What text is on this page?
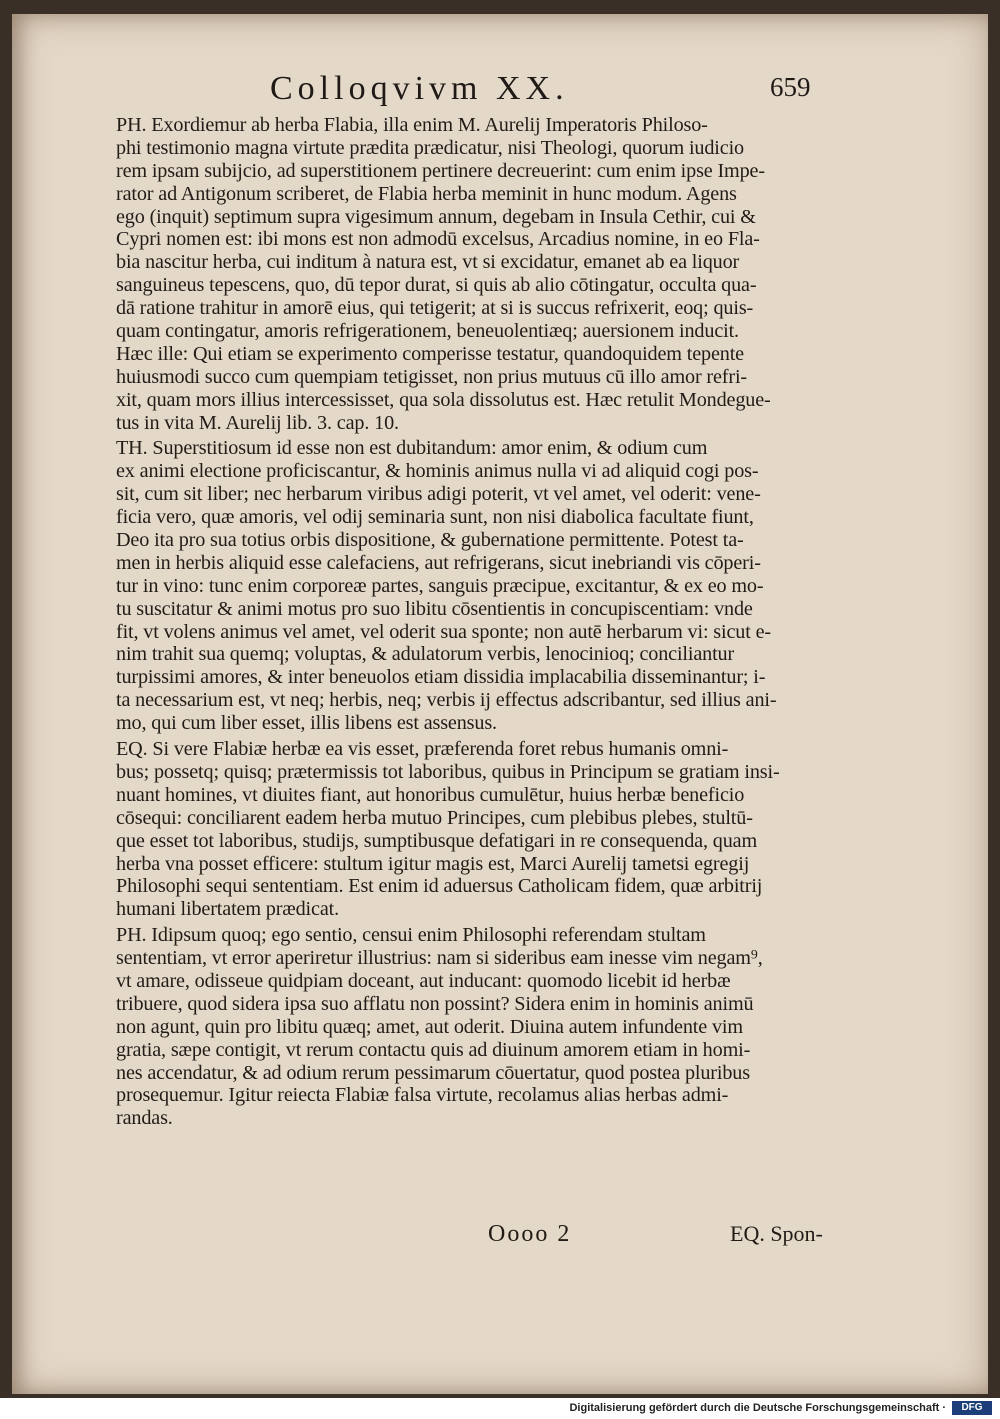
Colloqvivm XX.	659
PH. Exordiemur ab herba Flabia, illa enim M. Aurelij Imperatoris Philoso-
phi testimonio magna virtute prædita prædicatur, nisi Theologi, quorum iudicio
rem ipsam subijcio, ad superstitionem pertinere decreuerint: cum enim ipse Impe-
rator ad Antigonum scriberet, de Flabia herba meminit in hunc modum. Agens
ego (inquit) septimum supra vigesimum annum, degebam in Insula Cethir, cui &
Cypri nomen est: ibi mons est non admodū excelsus, Arcadius nomine, in eo Fla-
bia nascitur herba, cui inditum à natura est, vt si excidatur, emanet ab ea liquor
sanguineus tepescens, quo, dū tepor durat, si quis ab alio cōtingatur, occulta qua-
dā ratione trahitur in amorē eius, qui tetigerit; at si is succus refrixerit, eoq; quis-
quam contingatur, amoris refrigerationem, beneuolentiæq; auersionem inducit.
Hæc ille: Qui etiam se experimento comperisse testatur, quandoquidem tepente
huiusmodi succo cum quempiam tetigisset, non prius mutuus cū illo amor refri-
xit, quam mors illius intercessisset, qua sola dissolutus est. Hæc retulit Mondegue-
tus in vita M. Aurelij lib. 3. cap. 10.
TH. Superstitiosum id esse non est dubitandum: amor enim, & odium cum
ex animi electione proficiscantur, & hominis animus nulla vi ad aliquid cogi pos-
sit, cum sit liber; nec herbarum viribus adigi poterit, vt vel amet, vel oderit: vene-
ficia vero, quæ amoris, vel odij seminaria sunt, non nisi diabolica facultate fiunt,
Deo ita pro sua totius orbis dispositione, & gubernatione permittente. Potest ta-
men in herbis aliquid esse calefaciens, aut refrigerans, sicut inebriandi vis cōperi-
tur in vino: tunc enim corporeæ partes, sanguis præcipue, excitantur, & ex eo mo-
tu suscitatur & animi motus pro suo libitu cōsentientis in concupiscentiam: vnde
fit, vt volens animus vel amet, vel oderit sua sponte; non autē herbarum vi: sicut e-
nim trahit sua quemq; voluptas, & adulatorum verbis, lenocinioq; conciliantur
turpissimi amores, & inter beneuolos etiam dissidia implacabilia disseminantur; i-
ta necessarium est, vt neq; herbis, neq; verbis ij effectus adscribantur, sed illius ani-
mo, qui cum liber esset, illis libens est assensus.
EQ. Si vere Flabiæ herbæ ea vis esset, præferenda foret rebus humanis omni-
bus; possetq; quisq; prætermissis tot laboribus, quibus in Principum se gratiam insi-
nuant homines, vt diuites fiant, aut honoribus cumulētur, huius herbæ beneficio
cōsequi: conciliarent eadem herba mutuo Principes, cum plebibus plebes, stultū-
que esset tot laboribus, studijs, sumptibusque defatigari in re consequenda, quam
herba vna posset efficere: stultum igitur magis est, Marci Aurelij tametsi egregij
Philosophi sequi sententiam. Est enim id aduersus Catholicam fidem, quæ arbitrij
humani libertatem prædicat.
PH. Idipsum quoq; ego sentio, censui enim Philosophi referendam stultam
sententiam, vt error aperiretur illustrius: nam si sideribus eam inesse vim negam⁹,
vt amare, odisseue quidpiam doceant, aut inducant: quomodo licebit id herbæ
tribuere, quod sidera ipsa suo afflatu non possint? Sidera enim in hominis animū
non agunt, quin pro libitu quæq; amet, aut oderit. Diuina autem infundente vim
gratia, sæpe contigit, vt rerum contactu quis ad diuinum amorem etiam in homi-
nes accendatur, & ad odium rerum pessimarum cōuertatur, quod postea pluribus
prosequemur. Igitur reiecta Flabiæ falsa virtute, recolamus alias herbas admi-
randas.
Oooo 2	EQ. Spon-
Digitalisierung gefördert durch die Deutsche Forschungsgemeinschaft ·	DFG
